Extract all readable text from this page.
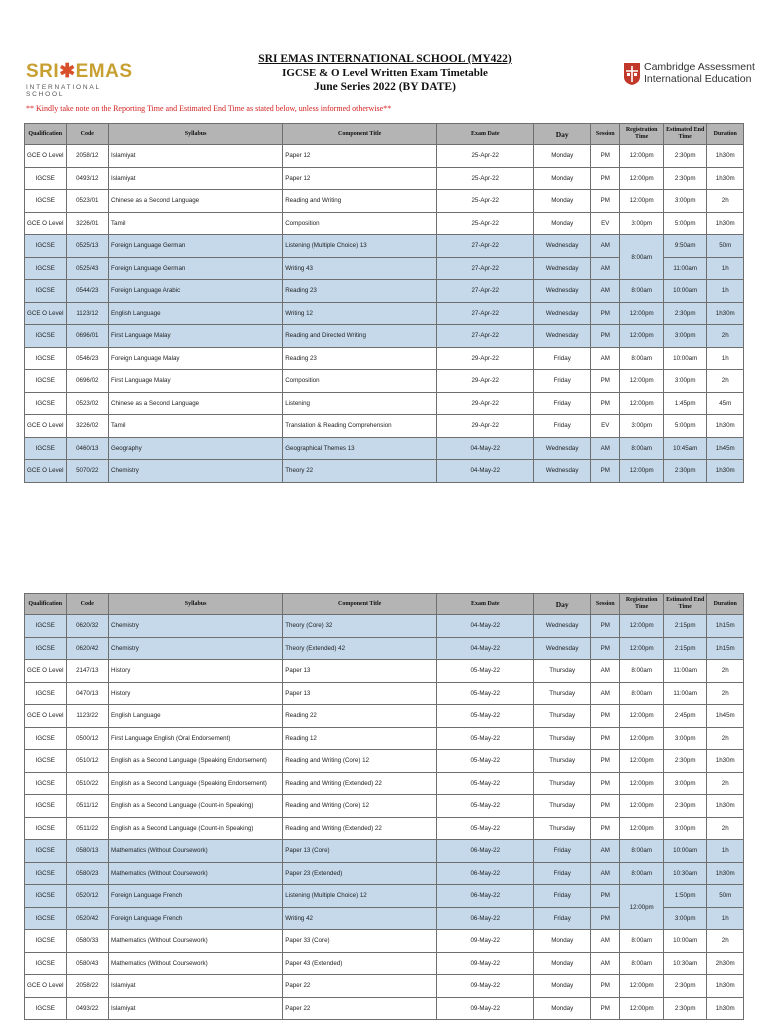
SRI✱EMAS
INTERNATIONAL SCHOOL
SRI EMAS INTERNATIONAL SCHOOL (MY422)
IGCSE & O Level Written Exam Timetable
June Series 2022 (BY DATE)
Cambridge Assessment
International Education
** Kindly take note on the Reporting Time and Estimated End Time as stated below, unless informed otherwise**
Qualification	Code	Syllabus	Component Title	Exam Date	Day	Session	Registration Time	Estimated End Time	Duration
GCE O Level	2058/12	Islamiyat	Paper 12	25-Apr-22	Monday	PM	12:00pm	2:30pm	1h30m
IGCSE	0493/12	Islamiyat	Paper 12	25-Apr-22	Monday	PM	12:00pm	2:30pm	1h30m
IGCSE	0523/01	Chinese as a Second Language	Reading and Writing	25-Apr-22	Monday	PM	12:00pm	3:00pm	2h
GCE O Level	3226/01	Tamil	Composition	25-Apr-22	Monday	EV	3:00pm	5:00pm	1h30m
IGCSE	0525/13	Foreign Language German	Listening (Multiple Choice) 13	27-Apr-22	Wednesday	AM	8:00am	9:50am	50m
IGCSE	0525/43	Foreign Language German	Writing 43	27-Apr-22	Wednesday	AM		11:00am	1h
IGCSE	0544/23	Foreign Language Arabic	Reading 23	27-Apr-22	Wednesday	AM	8:00am	10:00am	1h
GCE O Level	1123/12	English Language	Writing 12	27-Apr-22	Wednesday	PM	12:00pm	2:30pm	1h30m
IGCSE	0696/01	First Language Malay	Reading and Directed Writing	27-Apr-22	Wednesday	PM	12:00pm	3:00pm	2h
IGCSE	0546/23	Foreign Language Malay	Reading 23	29-Apr-22	Friday	AM	8:00am	10:00am	1h
IGCSE	0696/02	First Language Malay	Composition	29-Apr-22	Friday	PM	12:00pm	3:00pm	2h
IGCSE	0523/02	Chinese as a Second Language	Listening	29-Apr-22	Friday	PM	12:00pm	1:45pm	45m
GCE O Level	3226/02	Tamil	Translation & Reading Comprehension	29-Apr-22	Friday	EV	3:00pm	5:00pm	1h30m
IGCSE	0460/13	Geography	Geographical Themes 13	04-May-22	Wednesday	AM	8:00am	10:45am	1h45m
GCE O Level	5070/22	Chemistry	Theory 22	04-May-22	Wednesday	PM	12:00pm	2:30pm	1h30m
Qualification	Code	Syllabus	Component Title	Exam Date	Day	Session	Registration Time	Estimated End Time	Duration
IGCSE	0620/32	Chemistry	Theory (Core) 32	04-May-22	Wednesday	PM	12:00pm	2:15pm	1h15m
IGCSE	0620/42	Chemistry	Theory (Extended) 42	04-May-22	Wednesday	PM	12:00pm	2:15pm	1h15m
GCE O Level	2147/13	History	Paper 13	05-May-22	Thursday	AM	8:00am	11:00am	2h
IGCSE	0470/13	History	Paper 13	05-May-22	Thursday	AM	8:00am	11:00am	2h
GCE O Level	1123/22	English Language	Reading 22	05-May-22	Thursday	PM	12:00pm	2:45pm	1h45m
IGCSE	0500/12	First Language English (Oral Endorsement)	Reading 12	05-May-22	Thursday	PM	12:00pm	3:00pm	2h
IGCSE	0510/12	English as a Second Language (Speaking Endorsement)	Reading and Writing (Core) 12	05-May-22	Thursday	PM	12:00pm	2:30pm	1h30m
IGCSE	0510/22	English as a Second Language (Speaking Endorsement)	Reading and Writing (Extended) 22	05-May-22	Thursday	PM	12:00pm	3:00pm	2h
IGCSE	0511/12	English as a Second Language (Count-in Speaking)	Reading and Writing (Core) 12	05-May-22	Thursday	PM	12:00pm	2:30pm	1h30m
IGCSE	0511/22	English as a Second Language (Count-in Speaking)	Reading and Writing (Extended) 22	05-May-22	Thursday	PM	12:00pm	3:00pm	2h
IGCSE	0580/13	Mathematics (Without Coursework)	Paper 13 (Core)	06-May-22	Friday	AM	8:00am	10:00am	1h
IGCSE	0580/23	Mathematics (Without Coursework)	Paper 23 (Extended)	06-May-22	Friday	AM	8:00am	10:30am	1h30m
IGCSE	0520/12	Foreign Language French	Listening (Multiple Choice) 12	06-May-22	Friday	PM	12:00pm	1:50pm	50m
IGCSE	0520/42	Foreign Language French	Writing 42	06-May-22	Friday	PM		3:00pm	1h
IGCSE	0580/33	Mathematics (Without Coursework)	Paper 33 (Core)	09-May-22	Monday	AM	8:00am	10:00am	2h
IGCSE	0580/43	Mathematics (Without Coursework)	Paper 43 (Extended)	09-May-22	Monday	AM	8:00am	10:30am	2h30m
GCE O Level	2058/22	Islamiyat	Paper 22	09-May-22	Monday	PM	12:00pm	2:30pm	1h30m
IGCSE	0493/22	Islamiyat	Paper 22	09-May-22	Monday	PM	12:00pm	2:30pm	1h30m
